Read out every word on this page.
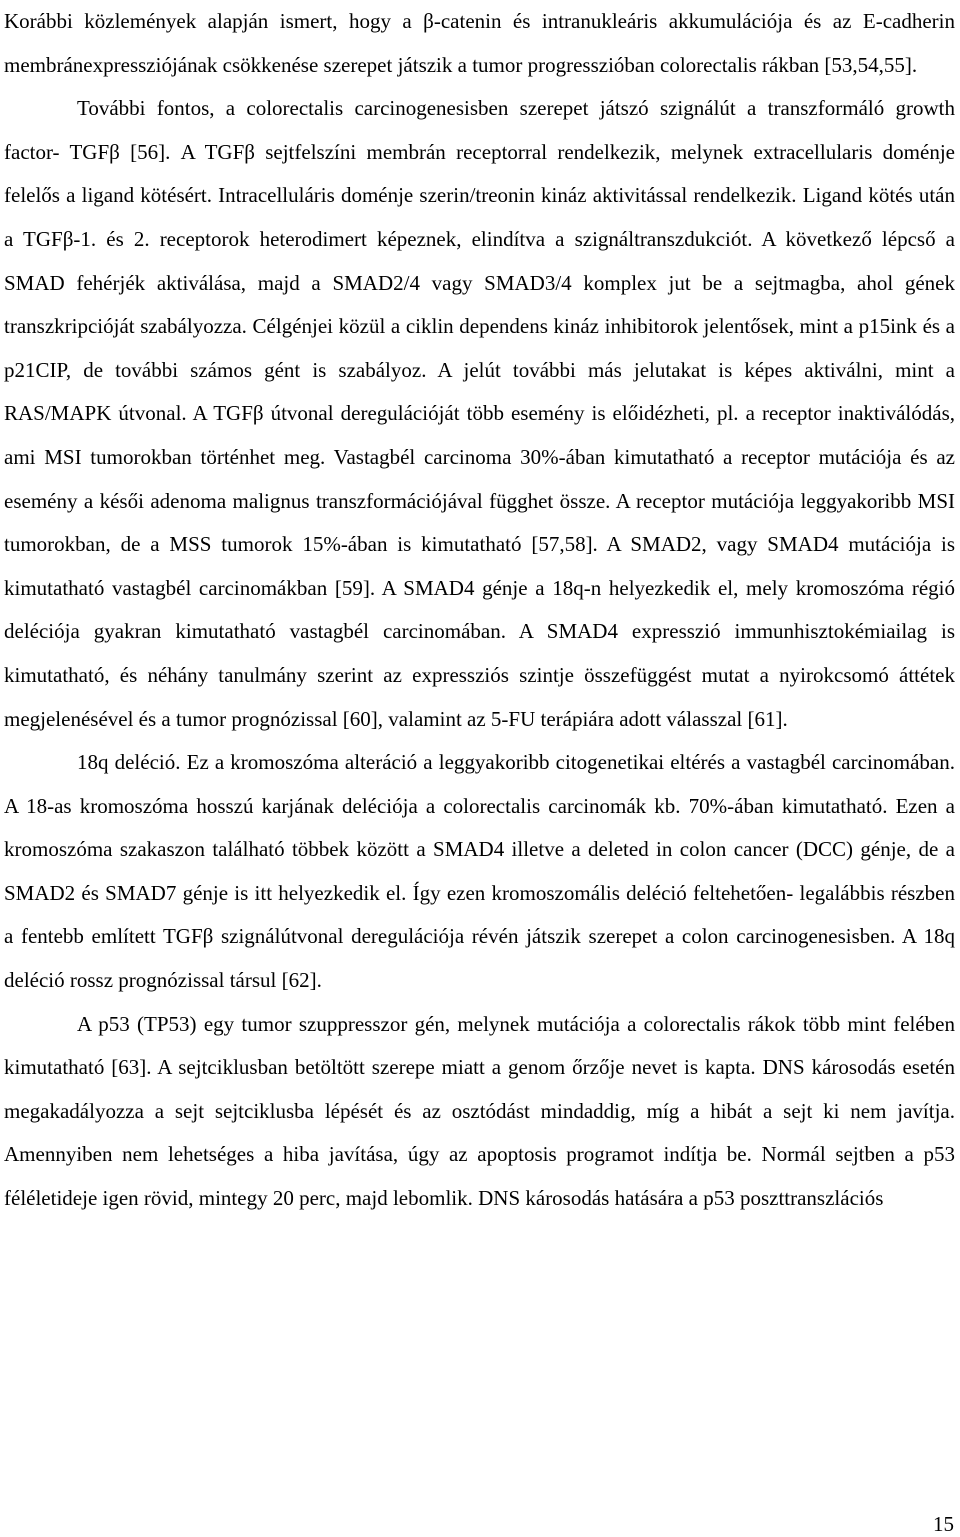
Korábbi közlemények alapján ismert, hogy a β-catenin és intranukleáris akkumulációja és az E-cadherin membránexpressziójának csökkenése szerepet játszik a tumor progresszióban colorectalis rákban [53,54,55].

További fontos, a colorectalis carcinogenesisben szerepet játszó szignálút a transzformáló growth factor- TGFβ [56]. A TGFβ sejtfelszíni membrán receptorral rendelkezik, melynek extracellularis doménje felelős a ligand kötésért. Intracelluláris doménje szerin/treonin kináz aktivitással rendelkezik. Ligand kötés után a TGFβ-1. és 2. receptorok heterodimert képeznek, elindítva a szignáltranszdukciót. A következő lépcső a SMAD fehérjék aktiválása, majd a SMAD2/4 vagy SMAD3/4 komplex jut be a sejtmagba, ahol gének transzkripcióját szabályozza. Célgénjei közül a ciklin dependens kináz inhibitorok jelentősek, mint a p15ink és a p21CIP, de további számos gént is szabályoz. A jelút további más jelutakat is képes aktiválni, mint a RAS/MAPK útvonal. A TGFβ útvonal deregulációját több esemény is előidézheti, pl. a receptor inaktiválódás, ami MSI tumorokban történhet meg. Vastagbél carcinoma 30%-ában kimutatható a receptor mutációja és az esemény a késői adenoma malignus transzformációjával függhet össze. A receptor mutációja leggyakoribb MSI tumorokban, de a MSS tumorok 15%-ában is kimutatható [57,58]. A SMAD2, vagy SMAD4 mutációja is kimutatható vastagbél carcinomákban [59]. A SMAD4 génje a 18q-n helyezkedik el, mely kromoszóma régió deléciója gyakran kimutatható vastagbél carcinomában. A SMAD4 expresszió immunhisztokémiailag is kimutatható, és néhány tanulmány szerint az expressziós szintje összefüggést mutat a nyirokcsomó áttétek megjelenésével és a tumor prognózissal [60], valamint az 5-FU terápiára adott válasszal [61].

18q deléció. Ez a kromoszóma alteráció a leggyakoribb citogenetikai eltérés a vastagbél carcinomában. A 18-as kromoszóma hosszú karjának deléciója a colorectalis carcinomák kb. 70%-ában kimutatható. Ezen a kromoszóma szakaszon található többek között a SMAD4 illetve a deleted in colon cancer (DCC) génje, de a SMAD2 és SMAD7 génje is itt helyezkedik el. Így ezen kromoszomális deléció feltehetően- legalábbis részben a fentebb említett TGFβ szignálútvonal deregulációja révén játszik szerepet a colon carcinogenesisben. A 18q deléció rossz prognózissal társul [62].

A p53 (TP53) egy tumor szuppresszor gén, melynek mutációja a colorectalis rákok több mint felében kimutatható [63]. A sejtciklusban betöltött szerepe miatt a genom őrzője nevet is kapta. DNS károsodás esetén megakadályozza a sejt sejtciklusba lépését és az osztódást mindaddig, míg a hibát a sejt ki nem javítja. Amennyiben nem lehetséges a hiba javítása, úgy az apoptosis programot indítja be. Normál sejtben a p53 féléletideje igen rövid, mintegy 20 perc, majd lebomlik. DNS károsodás hatására a p53 poszttranszlációs

15
